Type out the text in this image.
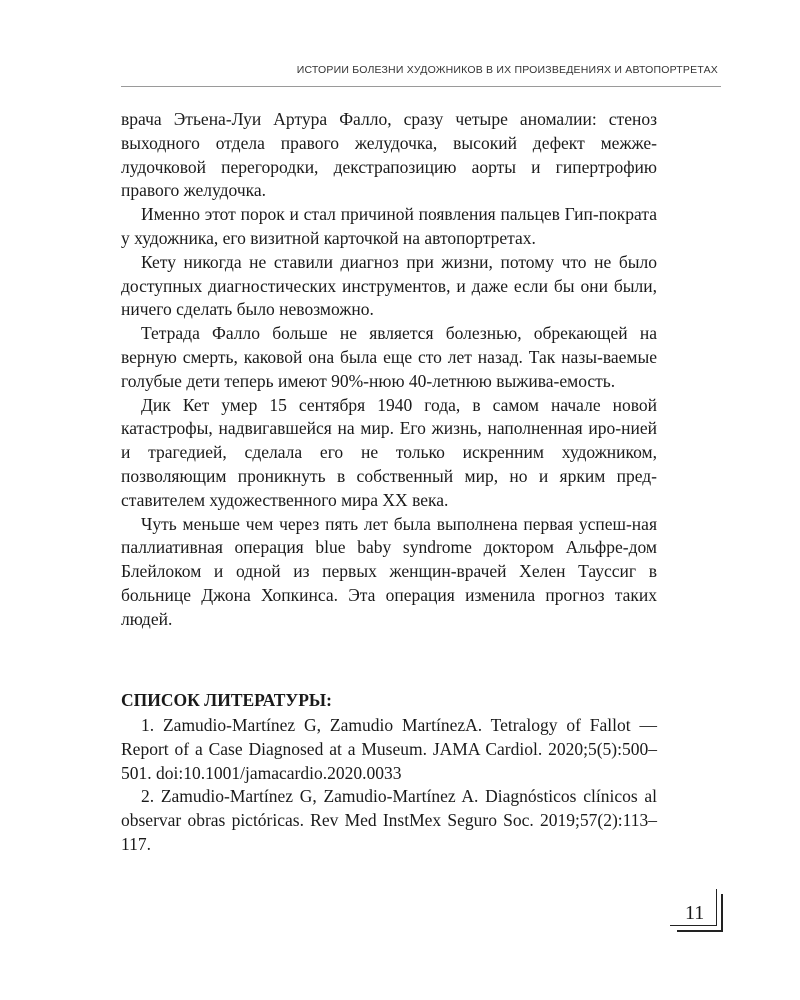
ИСТОРИИ БОЛЕЗНИ ХУДОЖНИКОВ В ИХ ПРОИЗВЕДЕНИЯХ И АВТОПОРТРЕТАХ

врача Этьена-Луи Артура Фалло, сразу четыре аномалии: стеноз выходного отдела правого желудочка, высокий дефект межже-лудочковой перегородки, декстрапозицию аорты и гипертрофию правого желудочка.

Именно этот порок и стал причиной появления пальцев Гип-пократа у художника, его визитной карточкой на автопортретах.

Кету никогда не ставили диагноз при жизни, потому что не было доступных диагностических инструментов, и даже если бы они были, ничего сделать было невозможно.

Тетрада Фалло больше не является болезнью, обрекающей на верную смерть, каковой она была еще сто лет назад. Так назы-ваемые голубые дети теперь имеют 90%-нюю 40-летнюю выжива-емость.

Дик Кет умер 15 сентября 1940 года, в самом начале новой катастрофы, надвигавшейся на мир. Его жизнь, наполненная иро-нией и трагедией, сделала его не только искренним художником, позволяющим проникнуть в собственный мир, но и ярким пред-ставителем художественного мира XX века.

Чуть меньше чем через пять лет была выполнена первая успеш-ная паллиативная операция blue baby syndrome доктором Альфре-дом Блейлоком и одной из первых женщин-врачей Хелен Таусcиг в больнице Джона Хопкинса. Эта операция изменила прогноз таких людей.

СПИСОК ЛИТЕРАТУРЫ:
1. Zamudio-Martínez G, Zamudio MartínezA. Tetralogy of Fallot — Report of a Case Diagnosed at a Museum. JAMA Cardiol. 2020;5(5):500–501. doi:10.1001/jamacardio.2020.0033
2. Zamudio-Martínez G, Zamudio-Martínez A. Diagnósticos clínicos al observar obras pictóricas. Rev Med InstMex Seguro Soc. 2019;57(2):113–117.
11
